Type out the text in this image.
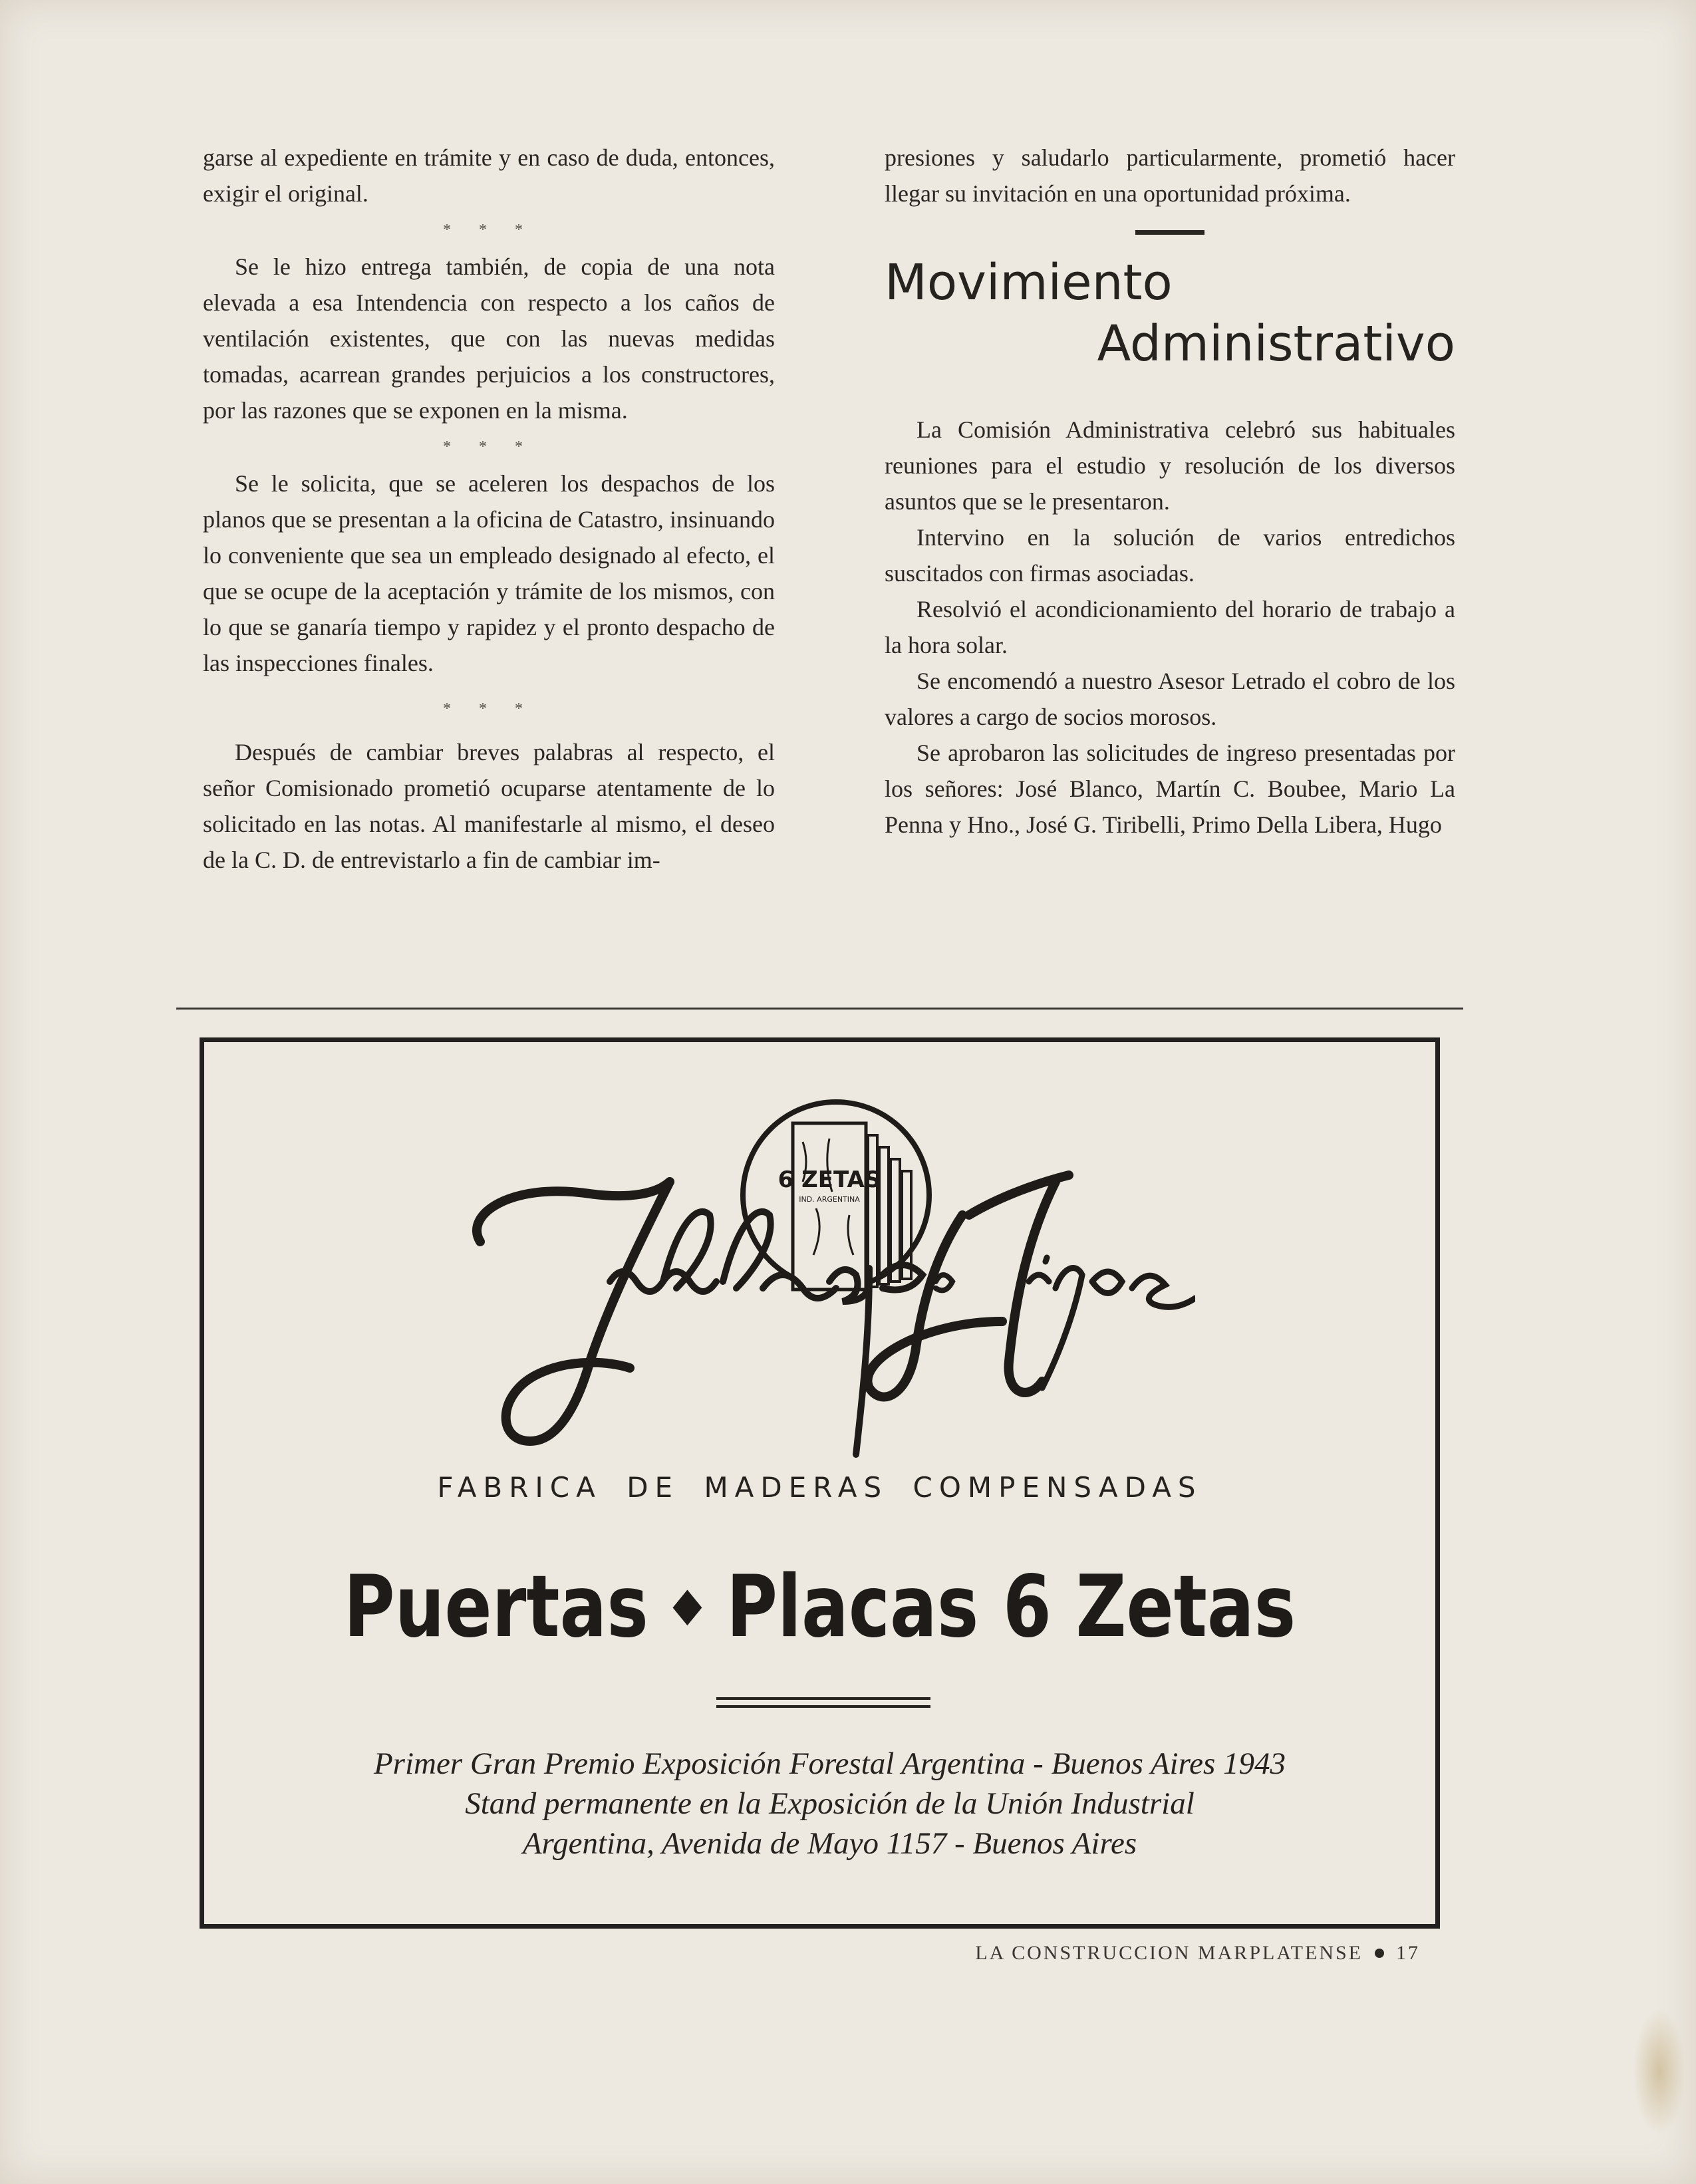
garse al expediente en trámite y en caso de duda, entonces, exigir el original.

* * *

Se le hizo entrega también, de copia de una nota elevada a esa Intendencia con respecto a los caños de ventilación existentes, que con las nuevas medidas tomadas, acarrean grandes perjuicios a los constructores, por las razones que se exponen en la misma.

* * *

Se le solicita, que se aceleren los despachos de los planos que se presentan a la oficina de Catastro, insinuando lo conveniente que sea un empleado designado al efecto, el que se ocupe de la aceptación y trámite de los mismos, con lo que se ganaría tiempo y rapidez y el pronto despacho de las inspecciones finales.

* * *

Después de cambiar breves palabras al respecto, el señor Comisionado prometió ocuparse atentamente de lo solicitado en las notas. Al manifestarle al mismo, el deseo de la C. D. de entrevistarlo a fin de cambiar im-

presiones y saludarlo particularmente, prometió hacer llegar su invitación en una oportunidad próxima.

Movimiento
Administrativo

La Comisión Administrativa celebró sus habituales reuniones para el estudio y resolución de los diversos asuntos que se le presentaron.

Intervino en la solución de varios entredichos suscitados con firmas asociadas.

Resolvió el acondicionamiento del horario de trabajo a la hora solar.

Se encomendó a nuestro Asesor Letrado el cobro de los valores a cargo de socios morosos.

Se aprobaron las solicitudes de ingreso presentadas por los señores: José Blanco, Martín C. Boubee, Mario La Penna y Hno., José G. Tiribelli, Primo Della Libera, Hugo

6 ZETAS
IND. ARGENTINA
Zubillaga e Hijos
FABRICA DE MADERAS COMPENSADAS
Puertas ◆ Placas 6 Zetas
Primer Gran Premio Exposición Forestal Argentina - Buenos Aires 1943
Stand permanente en la Exposición de la Unión Industrial
Argentina, Avenida de Mayo 1157 - Buenos Aires
LA CONSTRUCCION MARPLATENSE 17
